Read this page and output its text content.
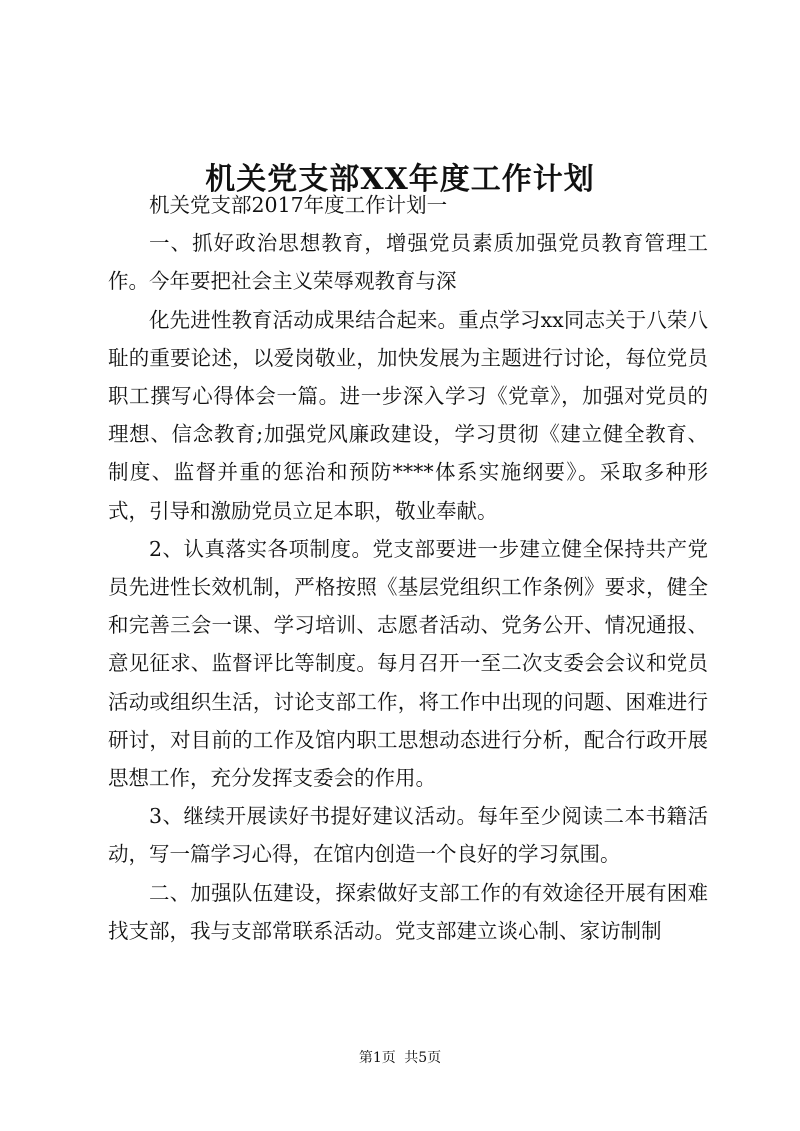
机关党支部XX年度工作计划

机关党支部2017年度工作计划一

一、抓好政治思想教育，增强党员素质加强党员教育管理工作。今年要把社会主义荣辱观教育与深

化先进性教育活动成果结合起来。重点学习xx同志关于八荣八耻的重要论述，以爱岗敬业，加快发展为主题进行讨论，每位党员职工撰写心得体会一篇。进一步深入学习《党章》，加强对党员的理想、信念教育;加强党风廉政建设，学习贯彻《建立健全教育、制度、监督并重的惩治和预防****体系实施纲要》。采取多种形式，引导和激励党员立足本职，敬业奉献。

2、认真落实各项制度。党支部要进一步建立健全保持共产党员先进性长效机制，严格按照《基层党组织工作条例》要求，健全和完善三会一课、学习培训、志愿者活动、党务公开、情况通报、意见征求、监督评比等制度。每月召开一至二次支委会会议和党员活动或组织生活，讨论支部工作，将工作中出现的问题、困难进行研讨，对目前的工作及馆内职工思想动态进行分析，配合行政开展思想工作，充分发挥支委会的作用。

3、继续开展读好书提好建议活动。每年至少阅读二本书籍活动，写一篇学习心得，在馆内创造一个良好的学习氛围。

二、加强队伍建设，探索做好支部工作的有效途径开展有困难找支部，我与支部常联系活动。党支部建立谈心制、家访制制

第1页 共5页
